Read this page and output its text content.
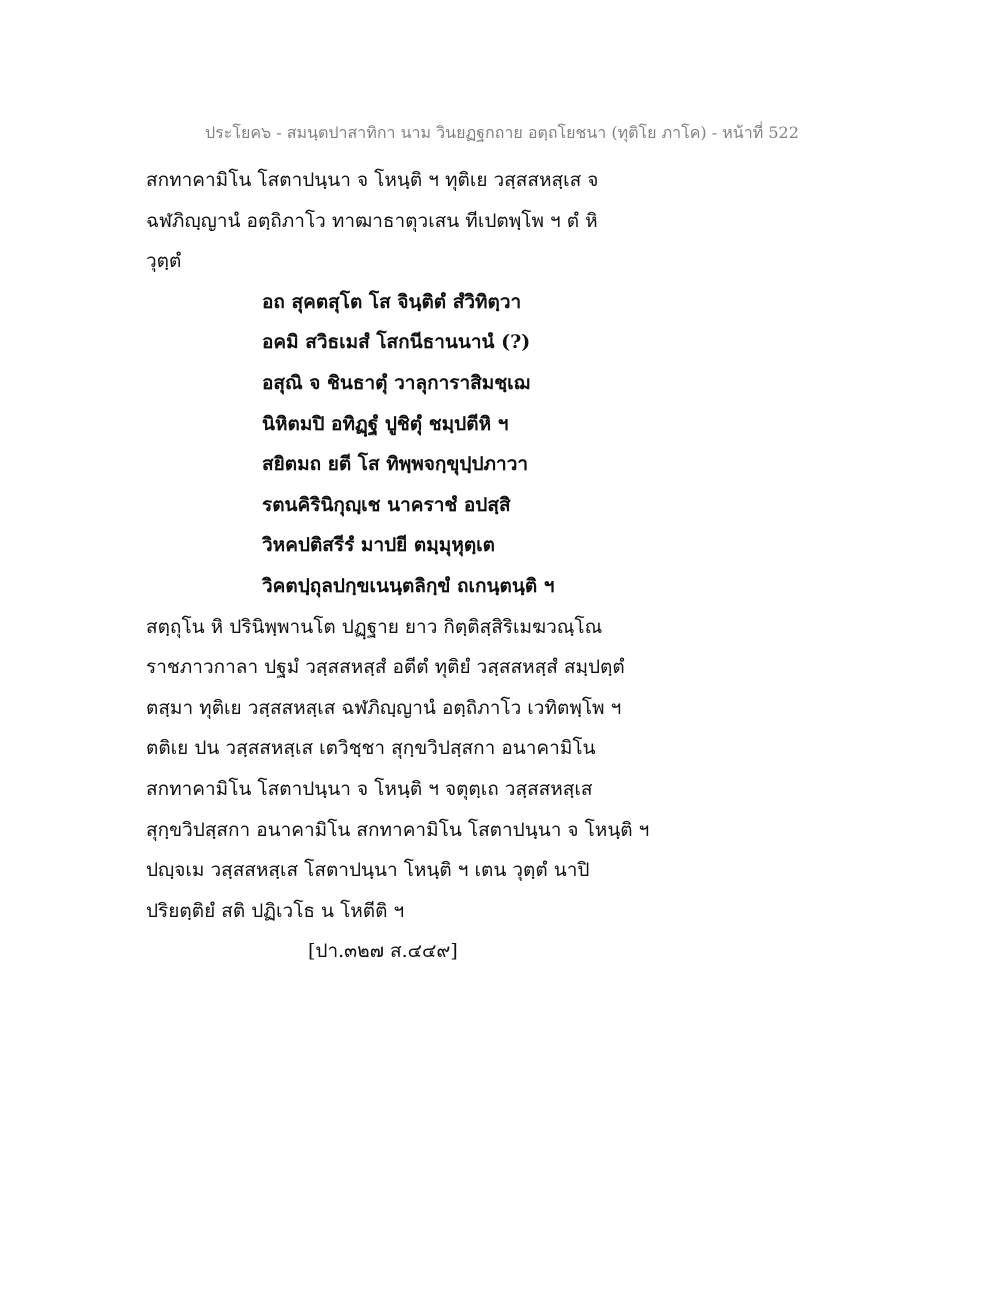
ประโยค๖ - สมนฺตปาสาทิกา นาม วินยฏฐกถาย อตฺถโยชนา (ทุติโย ภาโค) - หน้าที่ 522
สกทาคามิโน โสตาปนฺนา จ โหนฺติ ฯ ทุติเย วสฺสสหสฺเส จ
ฉฬภิญฺญานํ อตฺถิภาโว ทาฒาธาตุวเสน ทีเปตพฺโพ ฯ ตํ หิ
วุตฺตํ
อถ สุคตสุโต โส จินฺติตํ สํวิทิตฺวา
อคมิ สวิธเมสํ โสกนีธานนานํ (?)
อสุณิ จ ชินธาตุํ วาลุการาสิมชฺเฌ
นิหิตมปิ อทิฏฺฐํ ปูชิตุํ ชมฺปตีหิ ฯ
สยิตมถ ยตี โส ทิพฺพจกฺขุปฺปภาวา
รตนคิรินิกุญฺเช นาคราชํ อปสฺสิ
วิหคปติสรีรํ มาปยี ตมฺมุหุตฺเต
วิคตปฺถุลปกฺขเนนฺตลิกฺขํ ถเกนฺตนฺติ ฯ
สตฺถุโน หิ ปรินิพฺพานโต ปฏฺฐาย ยาว กิตฺติสฺสิริเมฆวณฺโณ
ราชภาวกาลา ปฐมํ วสฺสสหสฺสํ อตีตํ ทุติยํ วสฺสสหสฺสํ สมฺปตฺตํ
ตสฺมา ทุติเย วสฺสสหสฺเส ฉฬภิญฺญานํ อตฺถิภาโว เวทิตพฺโพ ฯ
ตติเย ปน วสฺสสหสฺเส เตวิชฺชา สุกฺขวิปสฺสกา อนาคามิโน
สกทาคามิโน โสตาปนฺนา จ โหนฺติ ฯ จตุตฺเถ วสฺสสหสฺเส
สุกฺขวิปสฺสกา อนาคามิโน สกทาคามิโน โสตาปนฺนา จ โหนฺติ ฯ
ปญฺจเม วสฺสสหสฺเส โสตาปนฺนา โหนฺติ ฯ เตน วุตฺตํ นาปิ
ปริยตฺติยํ สติ ปฏิเวโธ น โหตีติ ฯ
[ปา.๓๒๗ ส.๔๔๙]
